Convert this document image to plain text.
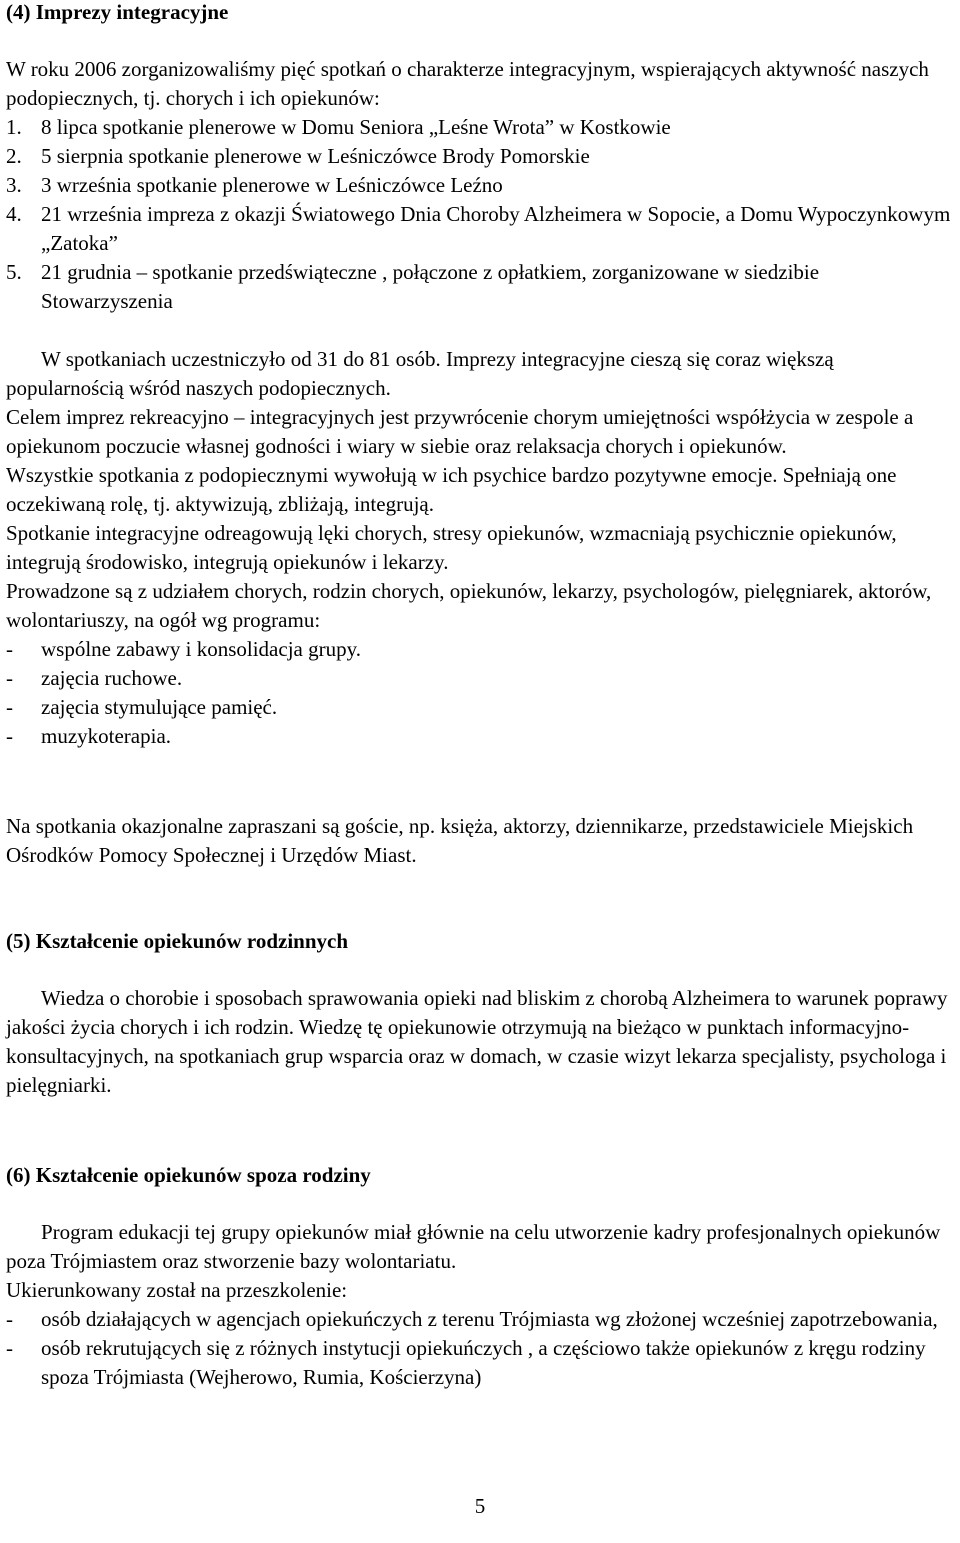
(4) Imprezy integracyjne

W roku 2006 zorganizowaliśmy pięć spotkań o charakterze integracyjnym, wspierających aktywność naszych podopiecznych, tj. chorych i ich opiekunów:

1. 8 lipca spotkanie plenerowe w Domu Seniora „Leśne Wrota” w Kostkowie
2. 5 sierpnia spotkanie plenerowe w Leśniczówce Brody Pomorskie
3. 3 września spotkanie plenerowe w Leśniczówce Leźno
4. 21 września impreza z okazji Światowego Dnia Choroby Alzheimera w Sopocie, a Domu Wypoczynkowym „Zatoka”
5. 21 grudnia – spotkanie przedświąteczne , połączone z opłatkiem, zorganizowane w siedzibie Stowarzyszenia

W spotkaniach uczestniczyło od 31 do 81 osób. Imprezy integracyjne cieszą się coraz większą popularnością wśród naszych podopiecznych.

Celem imprez rekreacyjno – integracyjnych jest przywrócenie chorym umiejętności współżycia w zespole a opiekunom poczucie własnej godności i wiary w siebie oraz relaksacja chorych i opiekunów.

Wszystkie spotkania z podopiecznymi wywołują w ich psychice bardzo pozytywne emocje. Spełniają one oczekiwaną rolę, tj. aktywizują, zbliżają, integrują.

Spotkanie integracyjne odreagowują lęki chorych, stresy opiekunów, wzmacniają psychicznie opiekunów, integrują środowisko, integrują opiekunów i lekarzy.

Prowadzone są z udziałem chorych, rodzin chorych, opiekunów, lekarzy, psychologów, pielęgniarek, aktorów, wolontariuszy, na ogół wg programu:

- wspólne zabawy i konsolidacja grupy.
- zajęcia ruchowe.
- zajęcia stymulujące pamięć.
- muzykoterapia.

Na spotkania okazjonalne zapraszani są goście, np. księża, aktorzy, dziennikarze, przedstawiciele Miejskich Ośrodków Pomocy Społecznej i Urzędów Miast.

(5) Kształcenie opiekunów rodzinnych

Wiedza o chorobie i sposobach sprawowania opieki nad bliskim z chorobą Alzheimera to warunek poprawy jakości życia chorych i ich rodzin. Wiedzę tę opiekunowie otrzymują na bieżąco w punktach informacyjno-konsultacyjnych, na spotkaniach grup wsparcia oraz w domach, w czasie wizyt lekarza specjalisty, psychologa i pielęgniarki.

(6) Kształcenie opiekunów spoza rodziny

Program edukacji tej grupy opiekunów miał głównie na celu utworzenie kadry profesjonalnych opiekunów poza Trójmiastem oraz stworzenie bazy wolontariatu.

Ukierunkowany został na przeszkolenie:

- osób działających w agencjach opiekuńczych z terenu Trójmiasta wg złożonej wcześniej zapotrzebowania,
- osób rekrutujących się z różnych instytucji opiekuńczych , a częściowo także opiekunów z kręgu rodziny spoza Trójmiasta (Wejherowo, Rumia, Kościerzyna)
5
